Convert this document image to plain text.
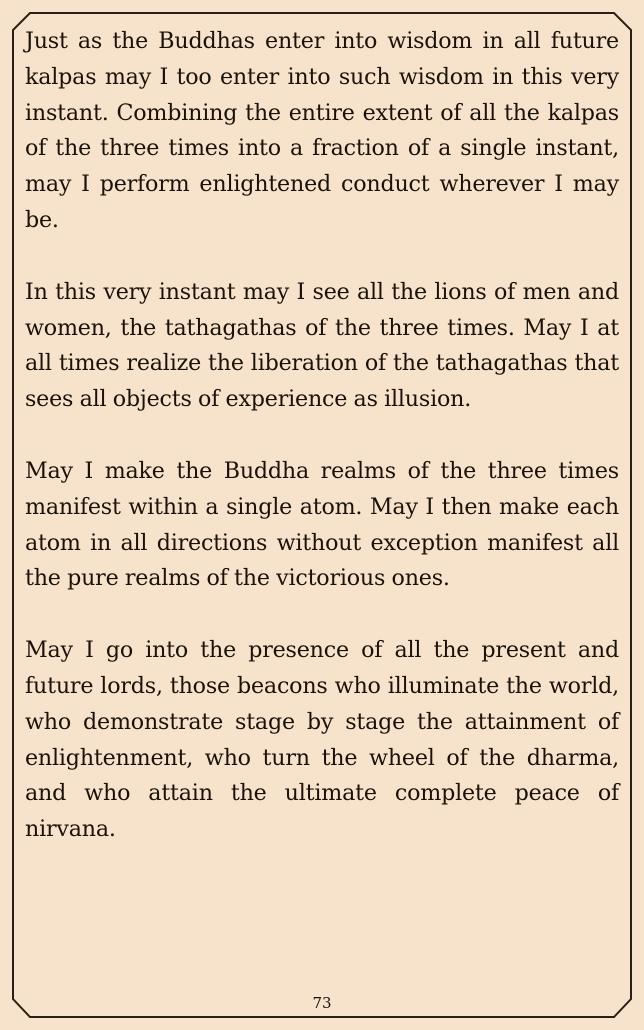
Just as the Buddhas enter into wisdom in all future kalpas may I too enter into such wisdom in this very instant. Combining the entire extent of all the kalpas of the three times into a fraction of a single instant, may I perform enlightened conduct wherever I may be.

In this very instant may I see all the lions of men and women, the tathagathas of the three times. May I at all times realize the liberation of the tathagathas that sees all objects of experience as illusion.

May I make the Buddha realms of the three times manifest within a single atom. May I then make each atom in all directions without exception manifest all the pure realms of the victorious ones.

May I go into the presence of all the present and future lords, those beacons who illuminate the world, who demonstrate stage by stage the attainment of enlightenment, who turn the wheel of the dharma, and who attain the ultimate complete peace of nirvana.

73
